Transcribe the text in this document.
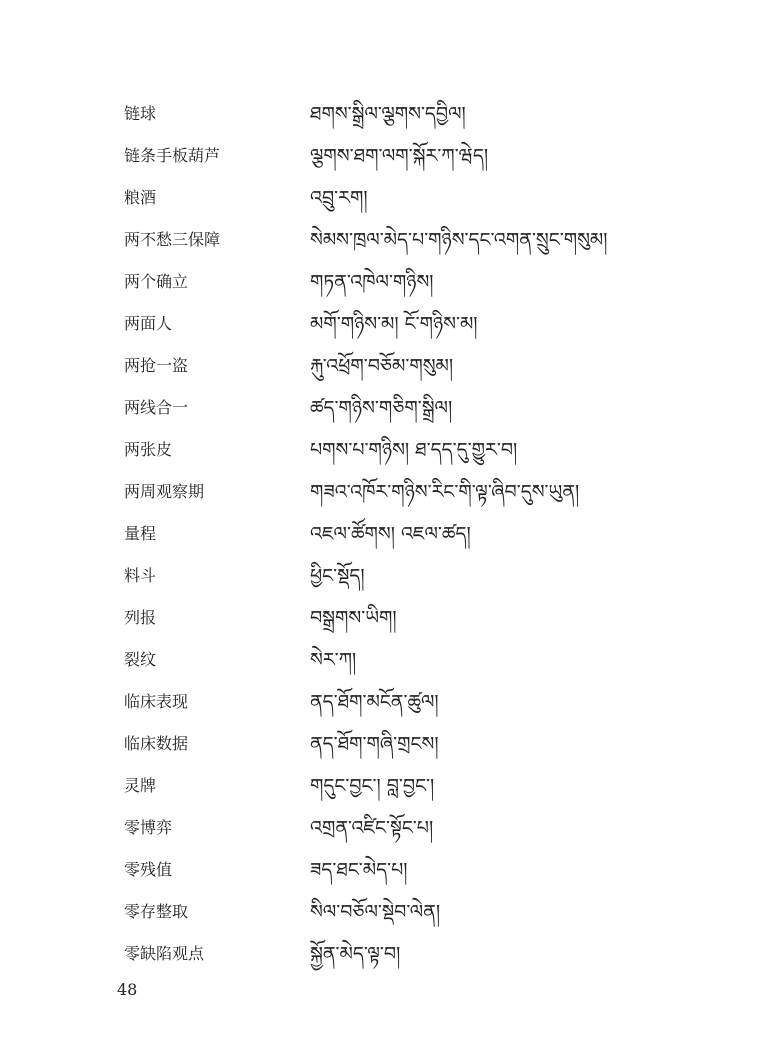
链球	ཐགས་སྒྲིལ་ལྕགས་དབྱིལ།
链条手板葫芦	ལྕགས་ཐག་ལག་སྐོར་ཀ་ཝེད།
粮酒	འབྲུ་རག།
两不愁三保障	སེམས་ཁྲལ་མེད་པ་གཉིས་དང་འགན་སྲུང་གསུམ།
两个确立	གཏན་འཁེལ་གཉིས།
两面人	མགོ་གཉིས་མ། ངོ་གཉིས་མ།
两抢一盗	རྐུ་འཕྲོག་བཅོམ་གསུམ།
两线合一	ཚད་གཉིས་གཅིག་སྒྲིལ།
两张皮	པགས་པ་གཉིས། ཐ་དད་དུ་གྱུར་བ།
两周观察期	གཟའ་འཁོར་གཉིས་རིང་གི་ལྟ་ཞིབ་དུས་ཡུན།
量程	འཇལ་ཚོགས། འཇལ་ཚད།
料斗	ཕྱིང་སྡོད།
列报	བསྒྲགས་ཡིག།
裂纹	སེར་ཀ།
临床表现	ནད་ཐོག་མངོན་ཚུལ།
临床数据	ནད་ཐོག་གཞི་གྲངས།
灵牌	གདུང་བྱང་། བླ་བྱང་།
零博弈	འགྲན་འཛིང་སྟོང་པ།
零残值	ཟད་ཐང་མེད་པ།
零存整取	སིལ་བཅོལ་སྡེབ་ལེན།
零缺陷观点	སྐྱོན་མེད་ལྟ་བ།
48
